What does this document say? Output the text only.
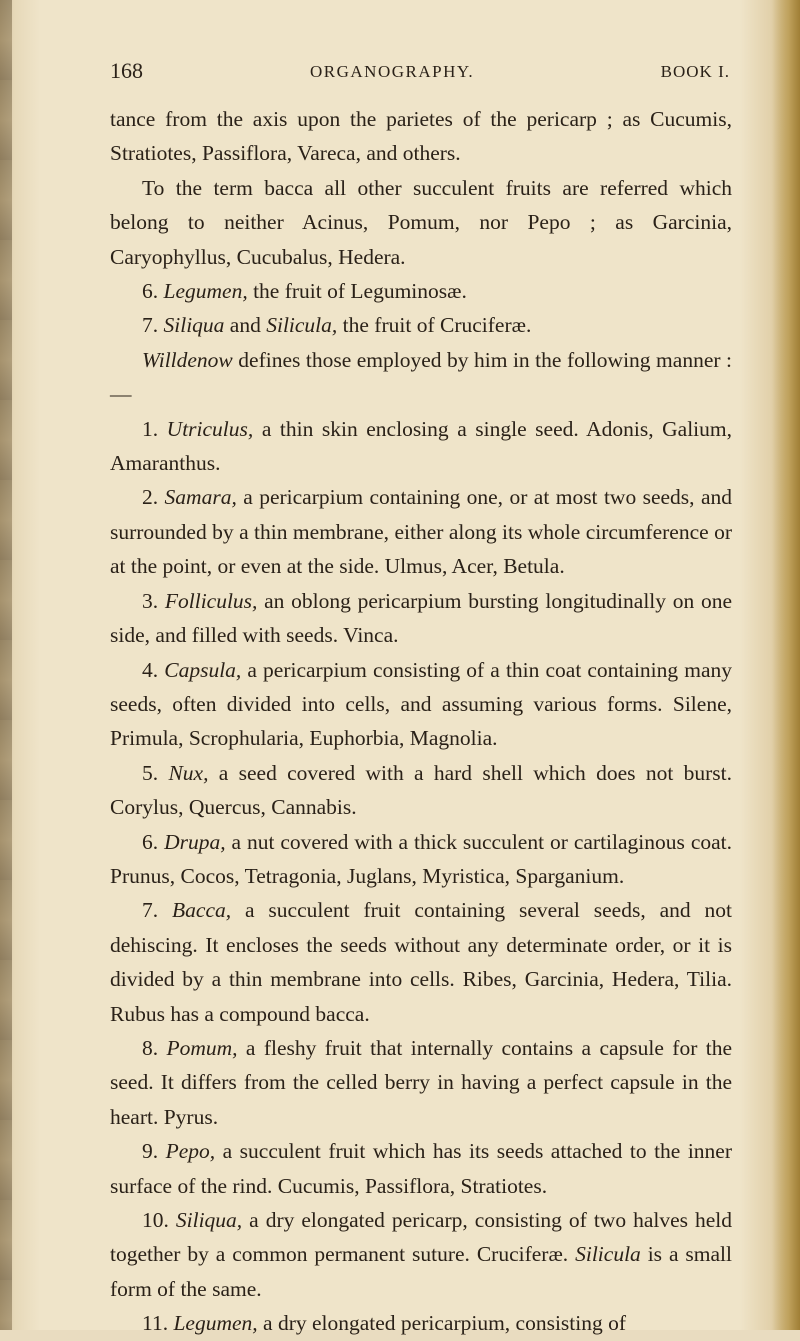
168	ORGANOGRAPHY.	BOOK I.

tance from the axis upon the parietes of the pericarp ; as Cucumis, Stratiotes, Passiflora, Vareca, and others.

To the term bacca all other succulent fruits are referred which belong to neither Acinus, Pomum, nor Pepo ; as Garcinia, Caryophyllus, Cucubalus, Hedera.

6. Legumen, the fruit of Leguminosæ.

7. Siliqua and Silicula, the fruit of Cruciferæ.

Willdenow defines those employed by him in the following manner : —

1. Utriculus, a thin skin enclosing a single seed. Adonis, Galium, Amaranthus.

2. Samara, a pericarpium containing one, or at most two seeds, and surrounded by a thin membrane, either along its whole circumference or at the point, or even at the side. Ulmus, Acer, Betula.

3. Folliculus, an oblong pericarpium bursting longitudinally on one side, and filled with seeds. Vinca.

4. Capsula, a pericarpium consisting of a thin coat containing many seeds, often divided into cells, and assuming various forms. Silene, Primula, Scrophularia, Euphorbia, Magnolia.

5. Nux, a seed covered with a hard shell which does not burst. Corylus, Quercus, Cannabis.

6. Drupa, a nut covered with a thick succulent or cartilaginous coat. Prunus, Cocos, Tetragonia, Juglans, Myristica, Sparganium.

7. Bacca, a succulent fruit containing several seeds, and not dehiscing. It encloses the seeds without any determinate order, or it is divided by a thin membrane into cells. Ribes, Garcinia, Hedera, Tilia. Rubus has a compound bacca.

8. Pomum, a fleshy fruit that internally contains a capsule for the seed. It differs from the celled berry in having a perfect capsule in the heart. Pyrus.

9. Pepo, a succulent fruit which has its seeds attached to the inner surface of the rind. Cucumis, Passiflora, Stratiotes.

10. Siliqua, a dry elongated pericarp, consisting of two halves held together by a common permanent suture. Cruciferæ. Silicula is a small form of the same.

11. Legumen, a dry elongated pericarpium, consisting of
